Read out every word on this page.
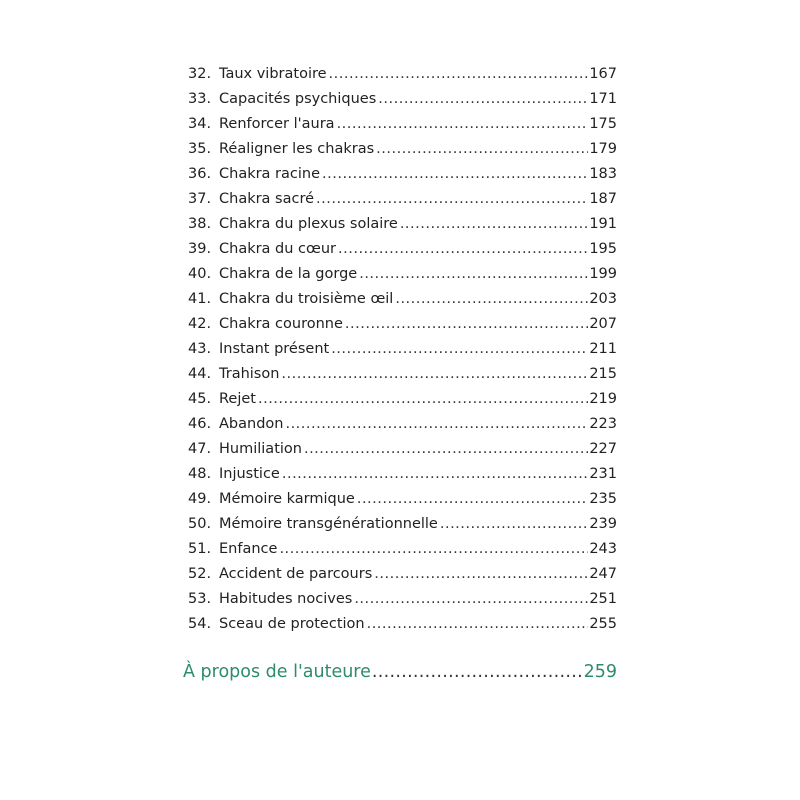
32. Taux vibratoire .....	167
33. Capacités psychiques .....	171
34. Renforcer l'aura .....	175
35. Réaligner les chakras .....	179
36. Chakra racine .....	183
37. Chakra sacré .....	187
38. Chakra du plexus solaire .....	191
39. Chakra du cœur .....	195
40. Chakra de la gorge .....	199
41. Chakra du troisième œil .....	203
42. Chakra couronne .....	207
43. Instant présent .....	211
44. Trahison .....	215
45. Rejet .....	219
46. Abandon .....	223
47. Humiliation .....	227
48. Injustice .....	231
49. Mémoire karmique .....	235
50. Mémoire transgénérationnelle .....	239
51. Enfance .....	243
52. Accident de parcours .....	247
53. Habitudes nocives .....	251
54. Sceau de protection .....	255
À propos de l'auteure .....	259
